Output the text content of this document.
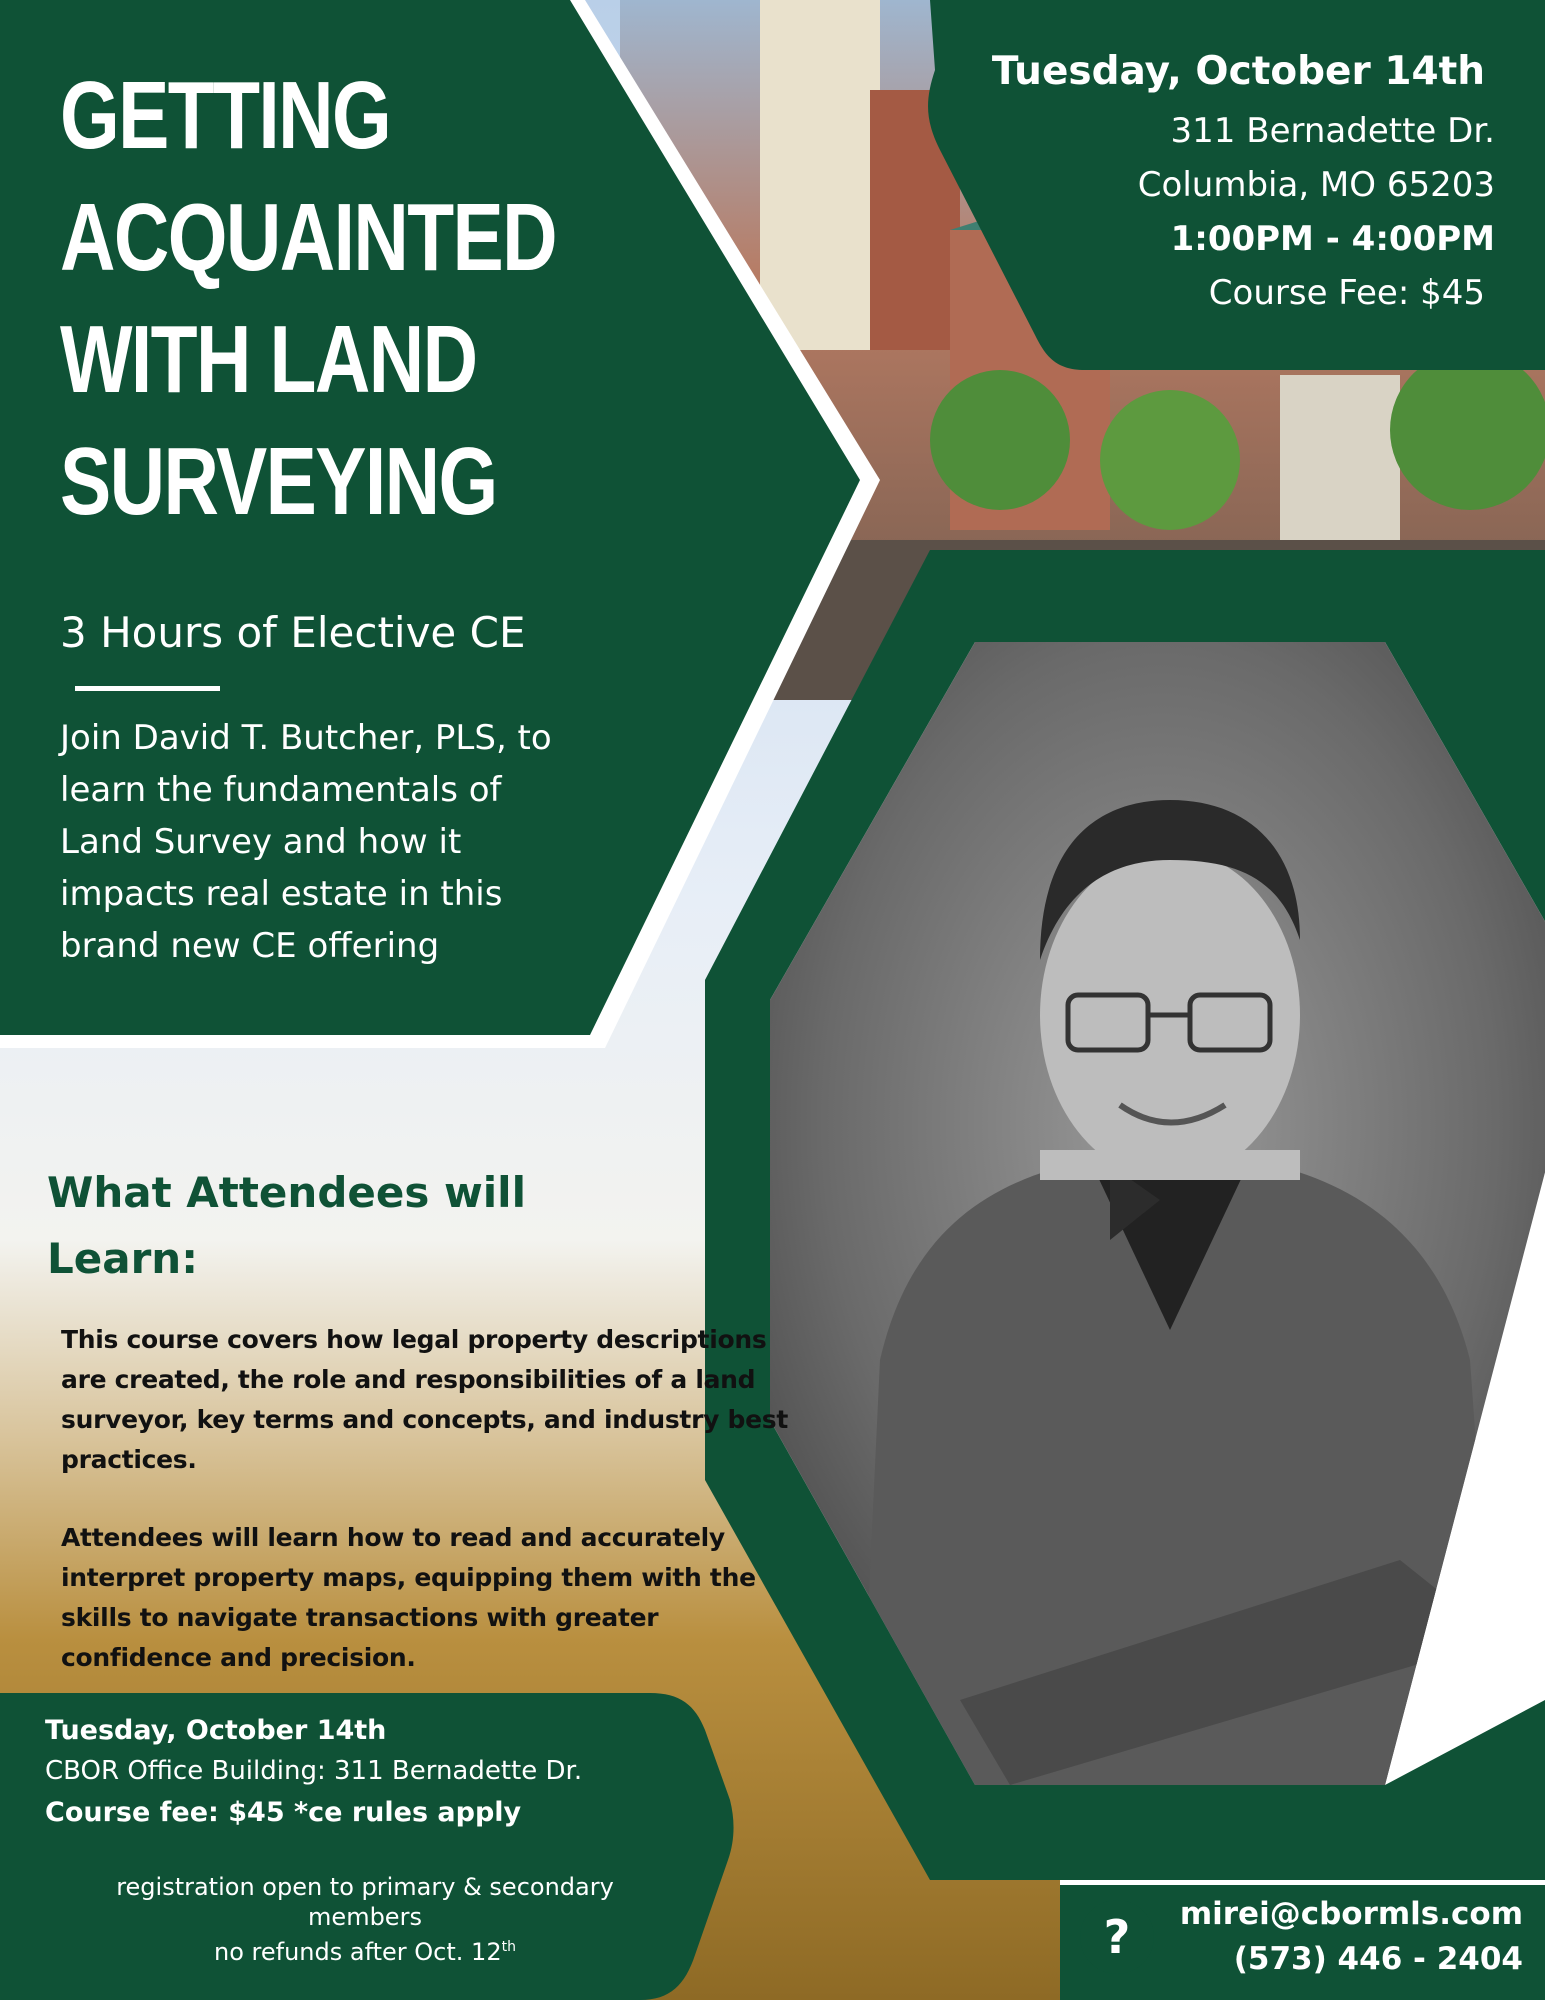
GETTING ACQUAINTED WITH LAND SURVEYING

3 Hours of Elective CE

Join David T. Butcher, PLS, to learn the fundamentals of Land Survey and how it impacts real estate in this brand new CE offering

Tuesday, October 14th

311 Bernadette Dr.

Columbia, MO 65203

1:00PM - 4:00PM

Course Fee: $45

What Attendees will Learn:

This course covers how legal property descriptions are created, the role and responsibilities of a land surveyor, key terms and concepts, and industry best practices.

Attendees will learn how to read and accurately interpret property maps, equipping them with the skills to navigate transactions with greater confidence and precision.

Tuesday, October 14th

CBOR Office Building: 311 Bernadette Dr.

Course fee: $45 *ce rules apply

registration open to primary & secondary members
no refunds after Oct. 12th	?	mirei@cbormls.com

(573) 446 - 2404
